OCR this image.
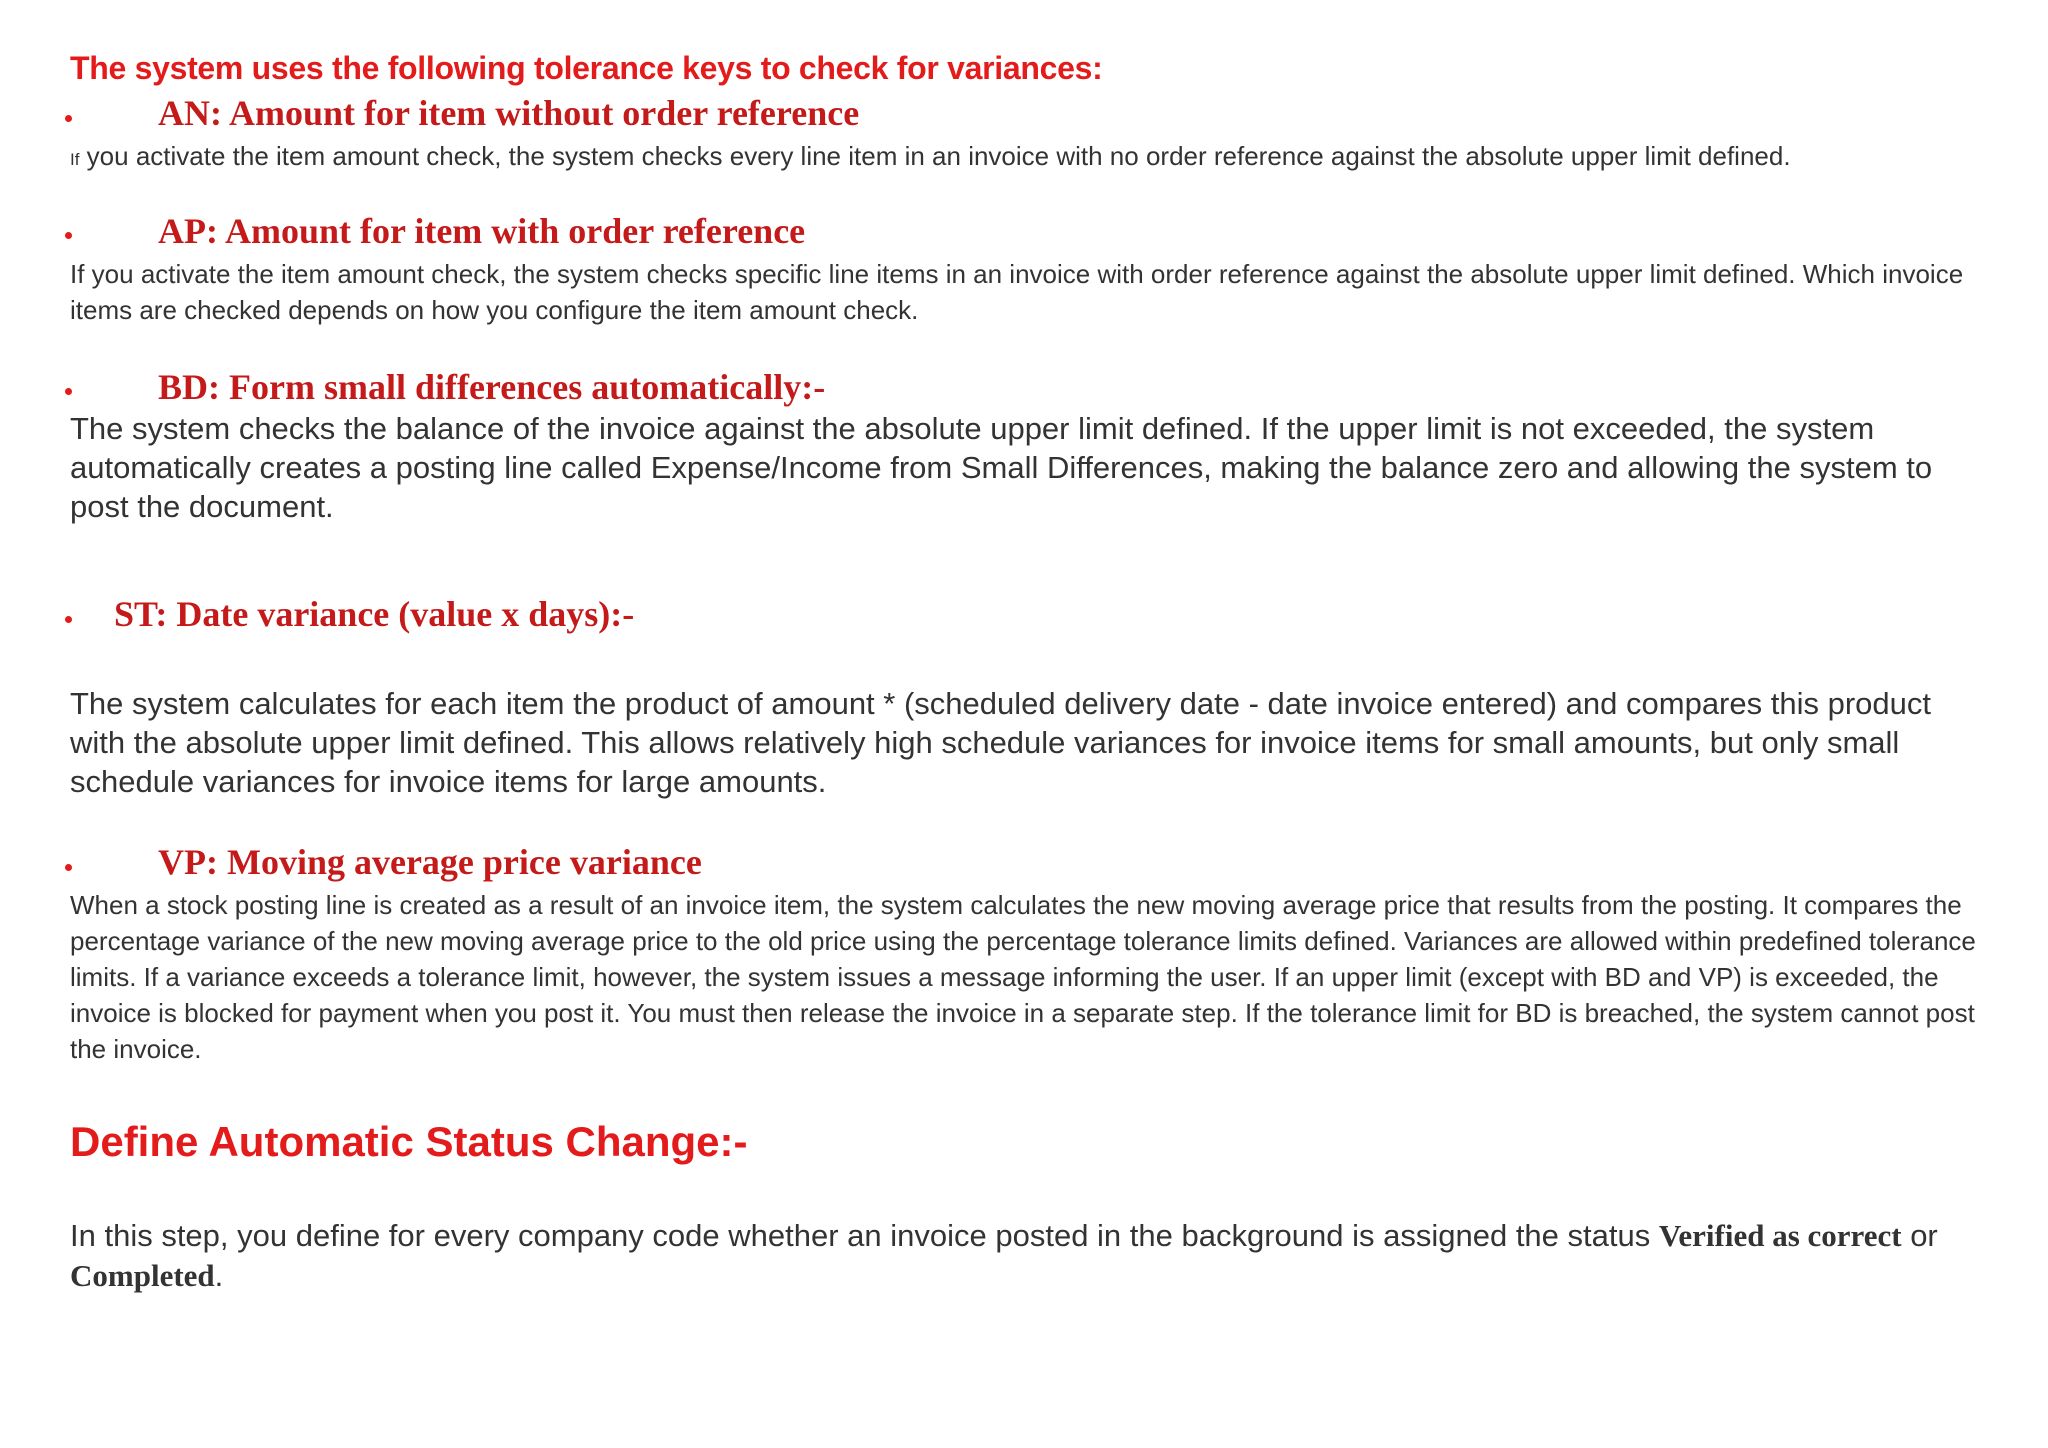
The system uses the following tolerance keys to check for variances:

AN: Amount for item without order reference

If you activate the item amount check, the system checks every line item in an invoice with no order reference against the absolute upper limit defined.

AP: Amount for item with order reference

If you activate the item amount check, the system checks specific line items in an invoice with order reference against the absolute upper limit defined. Which invoice items are checked depends on how you configure the item amount check.

BD: Form small differences automatically:-

The system checks the balance of the invoice against the absolute upper limit defined. If the upper limit is not exceeded, the system automatically creates a posting line called Expense/Income from Small Differences, making the balance zero and allowing the system to post the document.

ST: Date variance (value x days):-

The system calculates for each item the product of amount * (scheduled delivery date - date invoice entered) and compares this product with the absolute upper limit defined. This allows relatively high schedule variances for invoice items for small amounts, but only small schedule variances for invoice items for large amounts.

VP: Moving average price variance

When a stock posting line is created as a result of an invoice item, the system calculates the new moving average price that results from the posting. It compares the percentage variance of the new moving average price to the old price using the percentage tolerance limits defined. Variances are allowed within predefined tolerance limits. If a variance exceeds a tolerance limit, however, the system issues a message informing the user. If an upper limit (except with BD and VP) is exceeded, the invoice is blocked for payment when you post it. You must then release the invoice in a separate step. If the tolerance limit for BD is breached, the system cannot post the invoice.

Define Automatic Status Change:-

In this step, you define for every company code whether an invoice posted in the background is assigned the status Verified as correct or Completed.
